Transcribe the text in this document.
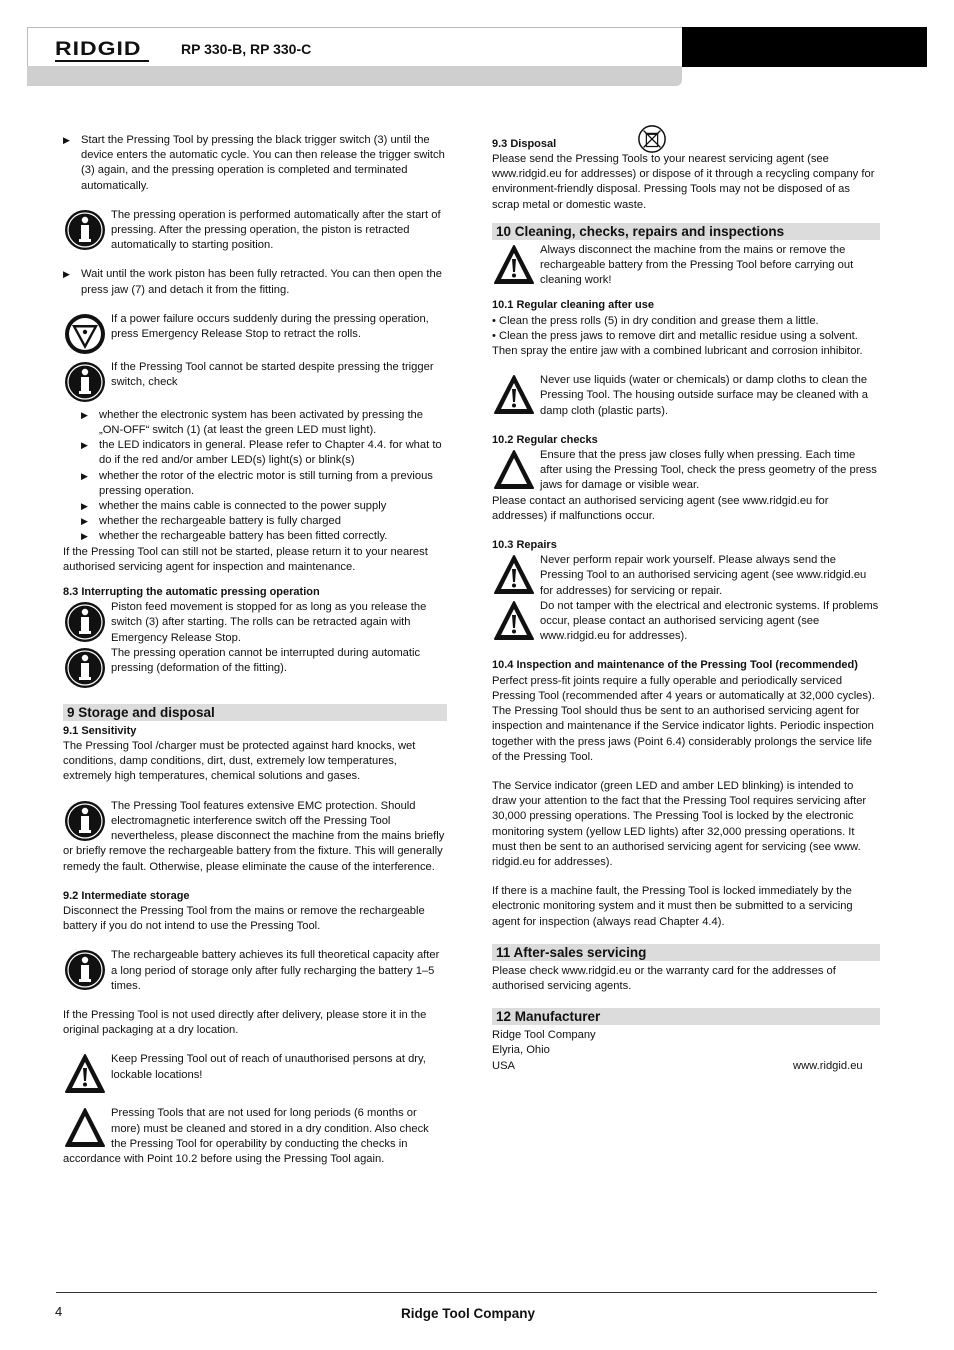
RIDGID	RP 330-B, RP 330-C

▶ Start the Pressing Tool by pressing the black trigger switch (3) until the device enters the automatic cycle. You can then release the trigger switch (3) again, and the pressing operation is completed and terminated automatically.

The pressing operation is performed automatically after the start of pressing. After the pressing operation, the piston is retracted automatically to starting position.

▶ Wait until the work piston has been fully retracted. You can then open the press jaw (7) and detach it from the fitting.

If a power failure occurs suddenly during the pressing operation, press Emergency Release Stop to retract the rolls.

If the Pressing Tool cannot be started despite pressing the trigger switch, check

▶ whether the electronic system has been activated by pressing the „ON-OFF“ switch (1) (at least the green LED must light).

▶ the LED indicators in general. Please refer to Chapter 4.4. for what to do if the red and/or amber LED(s) light(s) or blink(s)

▶ whether the rotor of the electric motor is still turning from a previous pressing operation.

▶ whether the mains cable is connected to the power supply

▶ whether the rechargeable battery is fully charged

▶ whether the rechargeable battery has been fitted correctly.

If the Pressing Tool can still not be started, please return it to your nearest authorised servicing agent for inspection and maintenance.

8.3 Interrupting the automatic pressing operation

Piston feed movement is stopped for as long as you release the switch (3) after starting. The rolls can be retracted again with Emergency Release Stop.

The pressing operation cannot be interrupted during automatic pressing (deformation of the fitting).

9 Storage and disposal

9.1 Sensitivity

The Pressing Tool /charger must be protected against hard knocks, wet conditions, damp conditions, dirt, dust, extremely low temperatures, extremely high temperatures, chemical solutions and gases.

The Pressing Tool features extensive EMC protection. Should electromagnetic interference switch off the Pressing Tool nevertheless, please disconnect the machine from the mains briefly or briefly remove the rechargeable battery from the fixture. This will generally remedy the fault. Otherwise, please eliminate the cause of the interference.

9.2 Intermediate storage

Disconnect the Pressing Tool from the mains or remove the rechargeable battery if you do not intend to use the Pressing Tool.

The rechargeable battery achieves its full theoretical capacity after a long period of storage only after fully recharging the battery 1–5 times.

If the Pressing Tool is not used directly after delivery, please store it in the original packaging at a dry location.

Keep Pressing Tool out of reach of unauthorised persons at dry, lockable locations!

Pressing Tools that are not used for long periods (6 months or more) must be cleaned and stored in a dry condition. Also check the Pressing Tool for operability by conducting the checks in accordance with Point 10.2 before using the Pressing Tool again.

9.3 Disposal

Please send the Pressing Tools to your nearest servicing agent (see www.ridgid.eu for addresses) or dispose of it through a recycling company for environment-friendly disposal. Pressing Tools may not be disposed of as scrap metal or domestic waste.

10 Cleaning, checks, repairs and inspections

Always disconnect the machine from the mains or remove the rechargeable battery from the Pressing Tool before carrying out cleaning work!

10.1 Regular cleaning after use

• Clean the press rolls (5) in dry condition and grease them a little.

• Clean the press jaws to remove dirt and metallic residue using a solvent. Then spray the entire jaw with a combined lubricant and corrosion inhibitor.

Never use liquids (water or chemicals) or damp cloths to clean the Pressing Tool. The housing outside surface may be cleaned with a damp cloth (plastic parts).

10.2 Regular checks

Ensure that the press jaw closes fully when pressing. Each time after using the Pressing Tool, check the press geometry of the press jaws for damage or visible wear.

Please contact an authorised servicing agent (see www.ridgid.eu for addresses) if malfunctions occur.

10.3 Repairs

Never perform repair work yourself. Please always send the Pressing Tool to an authorised servicing agent (see www.ridgid.eu for addresses) for servicing or repair.

Do not tamper with the electrical and electronic systems. If problems occur, please contact an authorised servicing agent (see www.ridgid.eu for addresses).

10.4 Inspection and maintenance of the Pressing Tool (recommended)

Perfect press-fit joints require a fully operable and periodically serviced Pressing Tool (recommended after 4 years or automatically at 32,000 cycles). The Pressing Tool should thus be sent to an authorised servicing agent for inspection and maintenance if the Service indicator lights. Periodic inspection together with the press jaws (Point 6.4) considerably prolongs the service life of the Pressing Tool.

The Service indicator (green LED and amber LED blinking) is intended to draw your attention to the fact that the Pressing Tool requires servicing after 30,000 pressing operations. The Pressing Tool is locked by the electronic monitoring system (yellow LED lights) after 32,000 pressing operations. It must then be sent to an authorised servicing agent for servicing (see www. ridgid.eu for addresses).

If there is a machine fault, the Pressing Tool is locked immediately by the electronic monitoring system and it must then be submitted to a servicing agent for inspection (always read Chapter 4.4).

11 After-sales servicing

Please check www.ridgid.eu or the warranty card for the addresses of authorised servicing agents.

12 Manufacturer

Ridge Tool Company

Elyria, Ohio

USA	www.ridgid.eu

4	Ridge Tool Company
